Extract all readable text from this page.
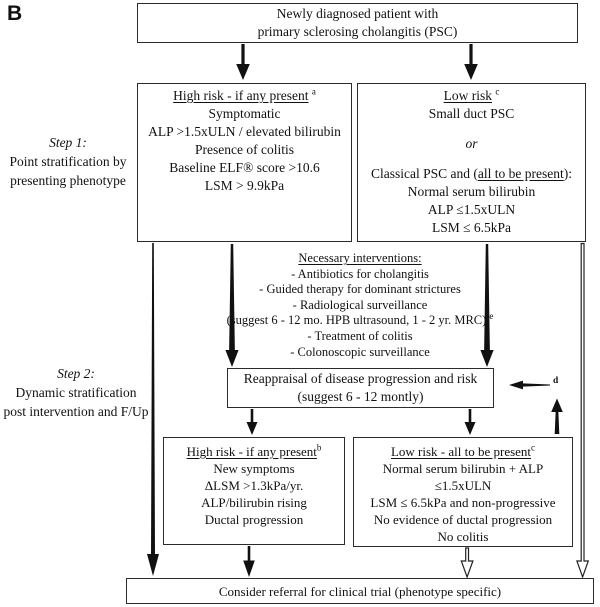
B	Newly diagnosed patient with
primary sclerosing cholangitis (PSC)
Step 1:
Point stratification by
presenting phenotype
High risk - if any present $^a$
Symptomatic
ALP >1.5xULN / elevated bilirubin
Presence of colitis
Baseline ELF® score >10.6
LSM > 9.9kPa
Low risk $^c$
Small duct PSC
or
Classical PSC and (all to be present):
Normal serum bilirubin
ALP ≤1.5xULN
LSM ≤ 6.5kPa
Necessary interventions:
- Antibiotics for cholangitis
- Guided therapy for dominant strictures
- Radiological surveillance
(suggest 6 - 12 mo. HPB ultrasound, 1 - 2 yr. MRC) $^e$
- Treatment of colitis
- Colonoscopic surveillance
Step 2:
Dynamic stratification
post intervention and F/Up
Reappraisal of disease progression and risk
(suggest 6 - 12 montly)
d
High risk - if any present$^b$
New symptoms
ΔLSM >1.3kPa/yr.
ALP/bilirubin rising
Ductal progression
Low risk - all to be present$^c$
Normal serum bilirubin + ALP
≤1.5xULN
LSM ≤ 6.5kPa and non-progressive
No evidence of ductal progression
No colitis
Consider referral for clinical trial (phenotype specific)
